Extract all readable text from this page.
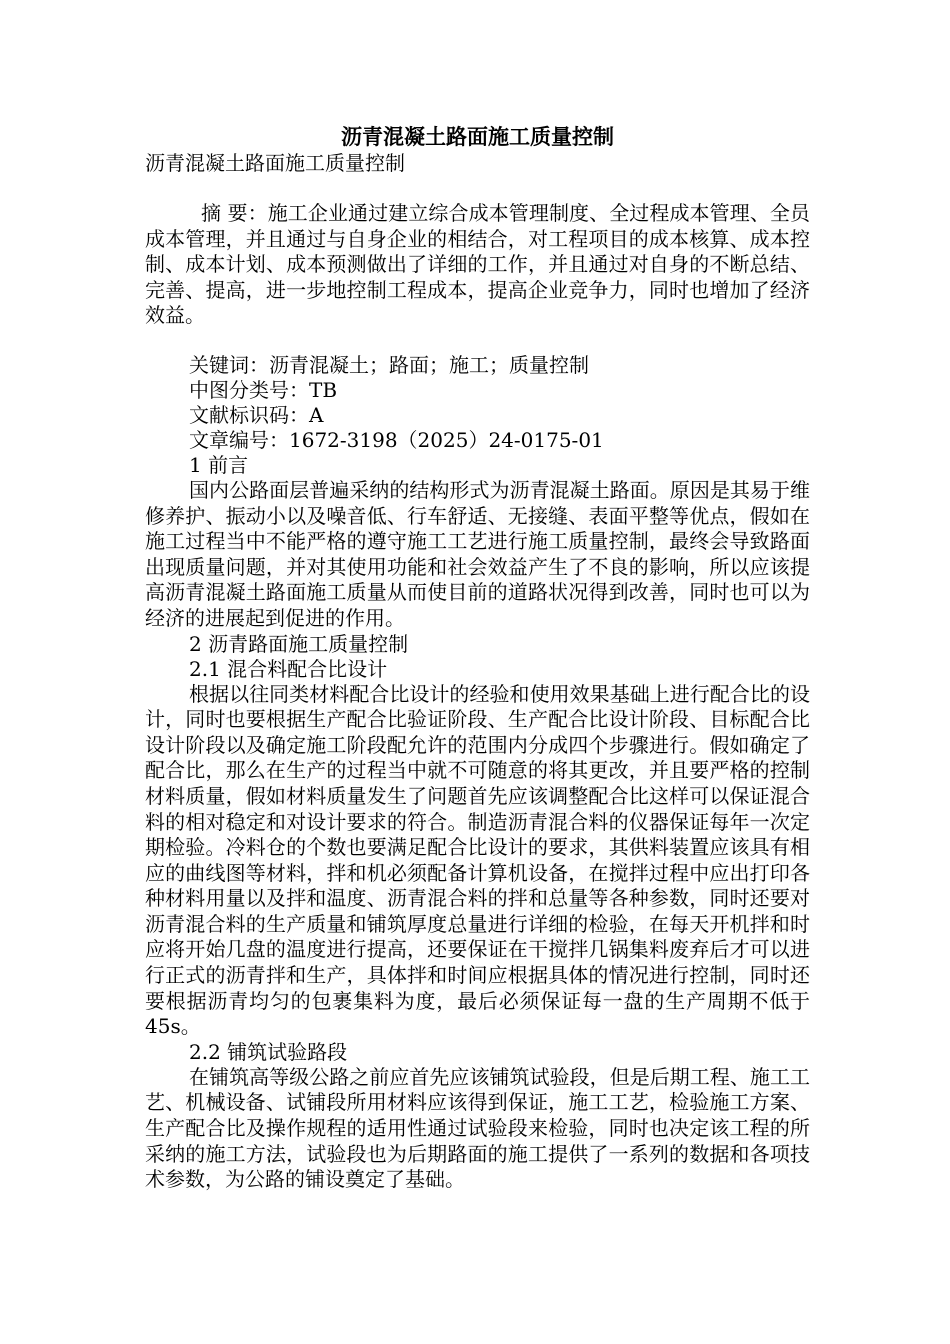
沥青混凝土路面施工质量控制

沥青混凝土路面施工质量控制

摘 要：施工企业通过建立综合成本管理制度、全过程成本管理、全员成本管理，并且通过与自身企业的相结合，对工程项目的成本核算、成本控制、成本计划、成本预测做出了详细的工作，并且通过对自身的不断总结、完善、提高，进一步地控制工程成本，提高企业竞争力，同时也增加了经济效益。

关键词：沥青混凝土；路面；施工；质量控制

中图分类号：TB

文献标识码：A

文章编号：1672-3198（2025）24-0175-01

1 前言

国内公路面层普遍采纳的结构形式为沥青混凝土路面。原因是其易于维修养护、振动小以及噪音低、行车舒适、无接缝、表面平整等优点，假如在施工过程当中不能严格的遵守施工工艺进行施工质量控制，最终会导致路面出现质量问题，并对其使用功能和社会效益产生了不良的影响，所以应该提高沥青混凝土路面施工质量从而使目前的道路状况得到改善，同时也可以为经济的进展起到促进的作用。

2 沥青路面施工质量控制

2.1 混合料配合比设计

根据以往同类材料配合比设计的经验和使用效果基础上进行配合比的设计，同时也要根据生产配合比验证阶段、生产配合比设计阶段、目标配合比设计阶段以及确定施工阶段配允许的范围内分成四个步骤进行。假如确定了配合比，那么在生产的过程当中就不可随意的将其更改，并且要严格的控制材料质量，假如材料质量发生了问题首先应该调整配合比这样可以保证混合料的相对稳定和对设计要求的符合。制造沥青混合料的仪器保证每年一次定期检验。冷料仓的个数也要满足配合比设计的要求，其供料装置应该具有相应的曲线图等材料，拌和机必须配备计算机设备，在搅拌过程中应出打印各种材料用量以及拌和温度、沥青混合料的拌和总量等各种参数，同时还要对沥青混合料的生产质量和铺筑厚度总量进行详细的检验，在每天开机拌和时应将开始几盘的温度进行提高，还要保证在干搅拌几锅集料废弃后才可以进行正式的沥青拌和生产，具体拌和时间应根据具体的情况进行控制，同时还要根据沥青均匀的包裹集料为度，最后必须保证每一盘的生产周期不低于45s。

2.2 铺筑试验路段

在铺筑高等级公路之前应首先应该铺筑试验段，但是后期工程、施工工艺、机械设备、试铺段所用材料应该得到保证，施工工艺，检验施工方案、生产配合比及操作规程的适用性通过试验段来检验，同时也决定该工程的所采纳的施工方法，试验段也为后期路面的施工提供了一系列的数据和各项技术参数，为公路的铺设奠定了基础。
